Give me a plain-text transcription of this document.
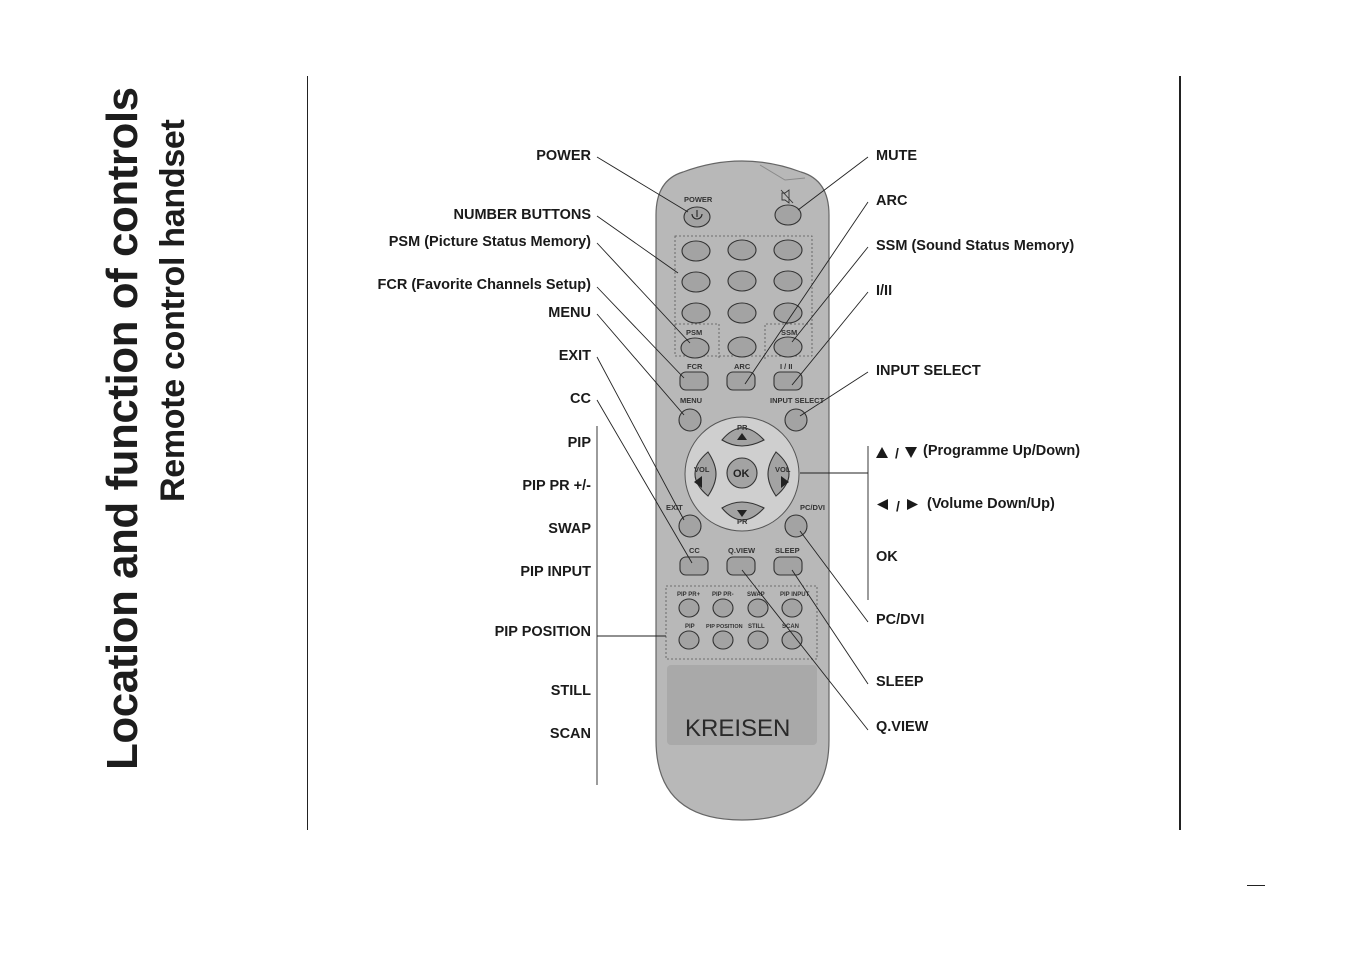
Location and function of controls Remote control handset	POWER
PSM	SSM
FCR	ARC	I / II
MENU	INPUT SELECT
PR
PR
VOL	VOL
OK
EXIT	PC/DVI
CC	Q.VIEW	SLEEP
PIP PR+ PIP PR- SWAP	PIP INPUT
PIP PIP POSITION STILL	SCAN
KREISEN
/
/
POWER
NUMBER BUTTONS
PSM (Picture Status Memory)
FCR (Favorite Channels Setup)
MENU
EXIT
CC
PIP
PIP PR +/-
SWAP
PIP INPUT
PIP POSITION
STILL
SCAN
MUTE
ARC
SSM (Sound Status Memory)
I/II
INPUT SELECT
(Programme Up/Down)
(Volume Down/Up)
OK
PC/DVI
SLEEP
Q.VIEW
